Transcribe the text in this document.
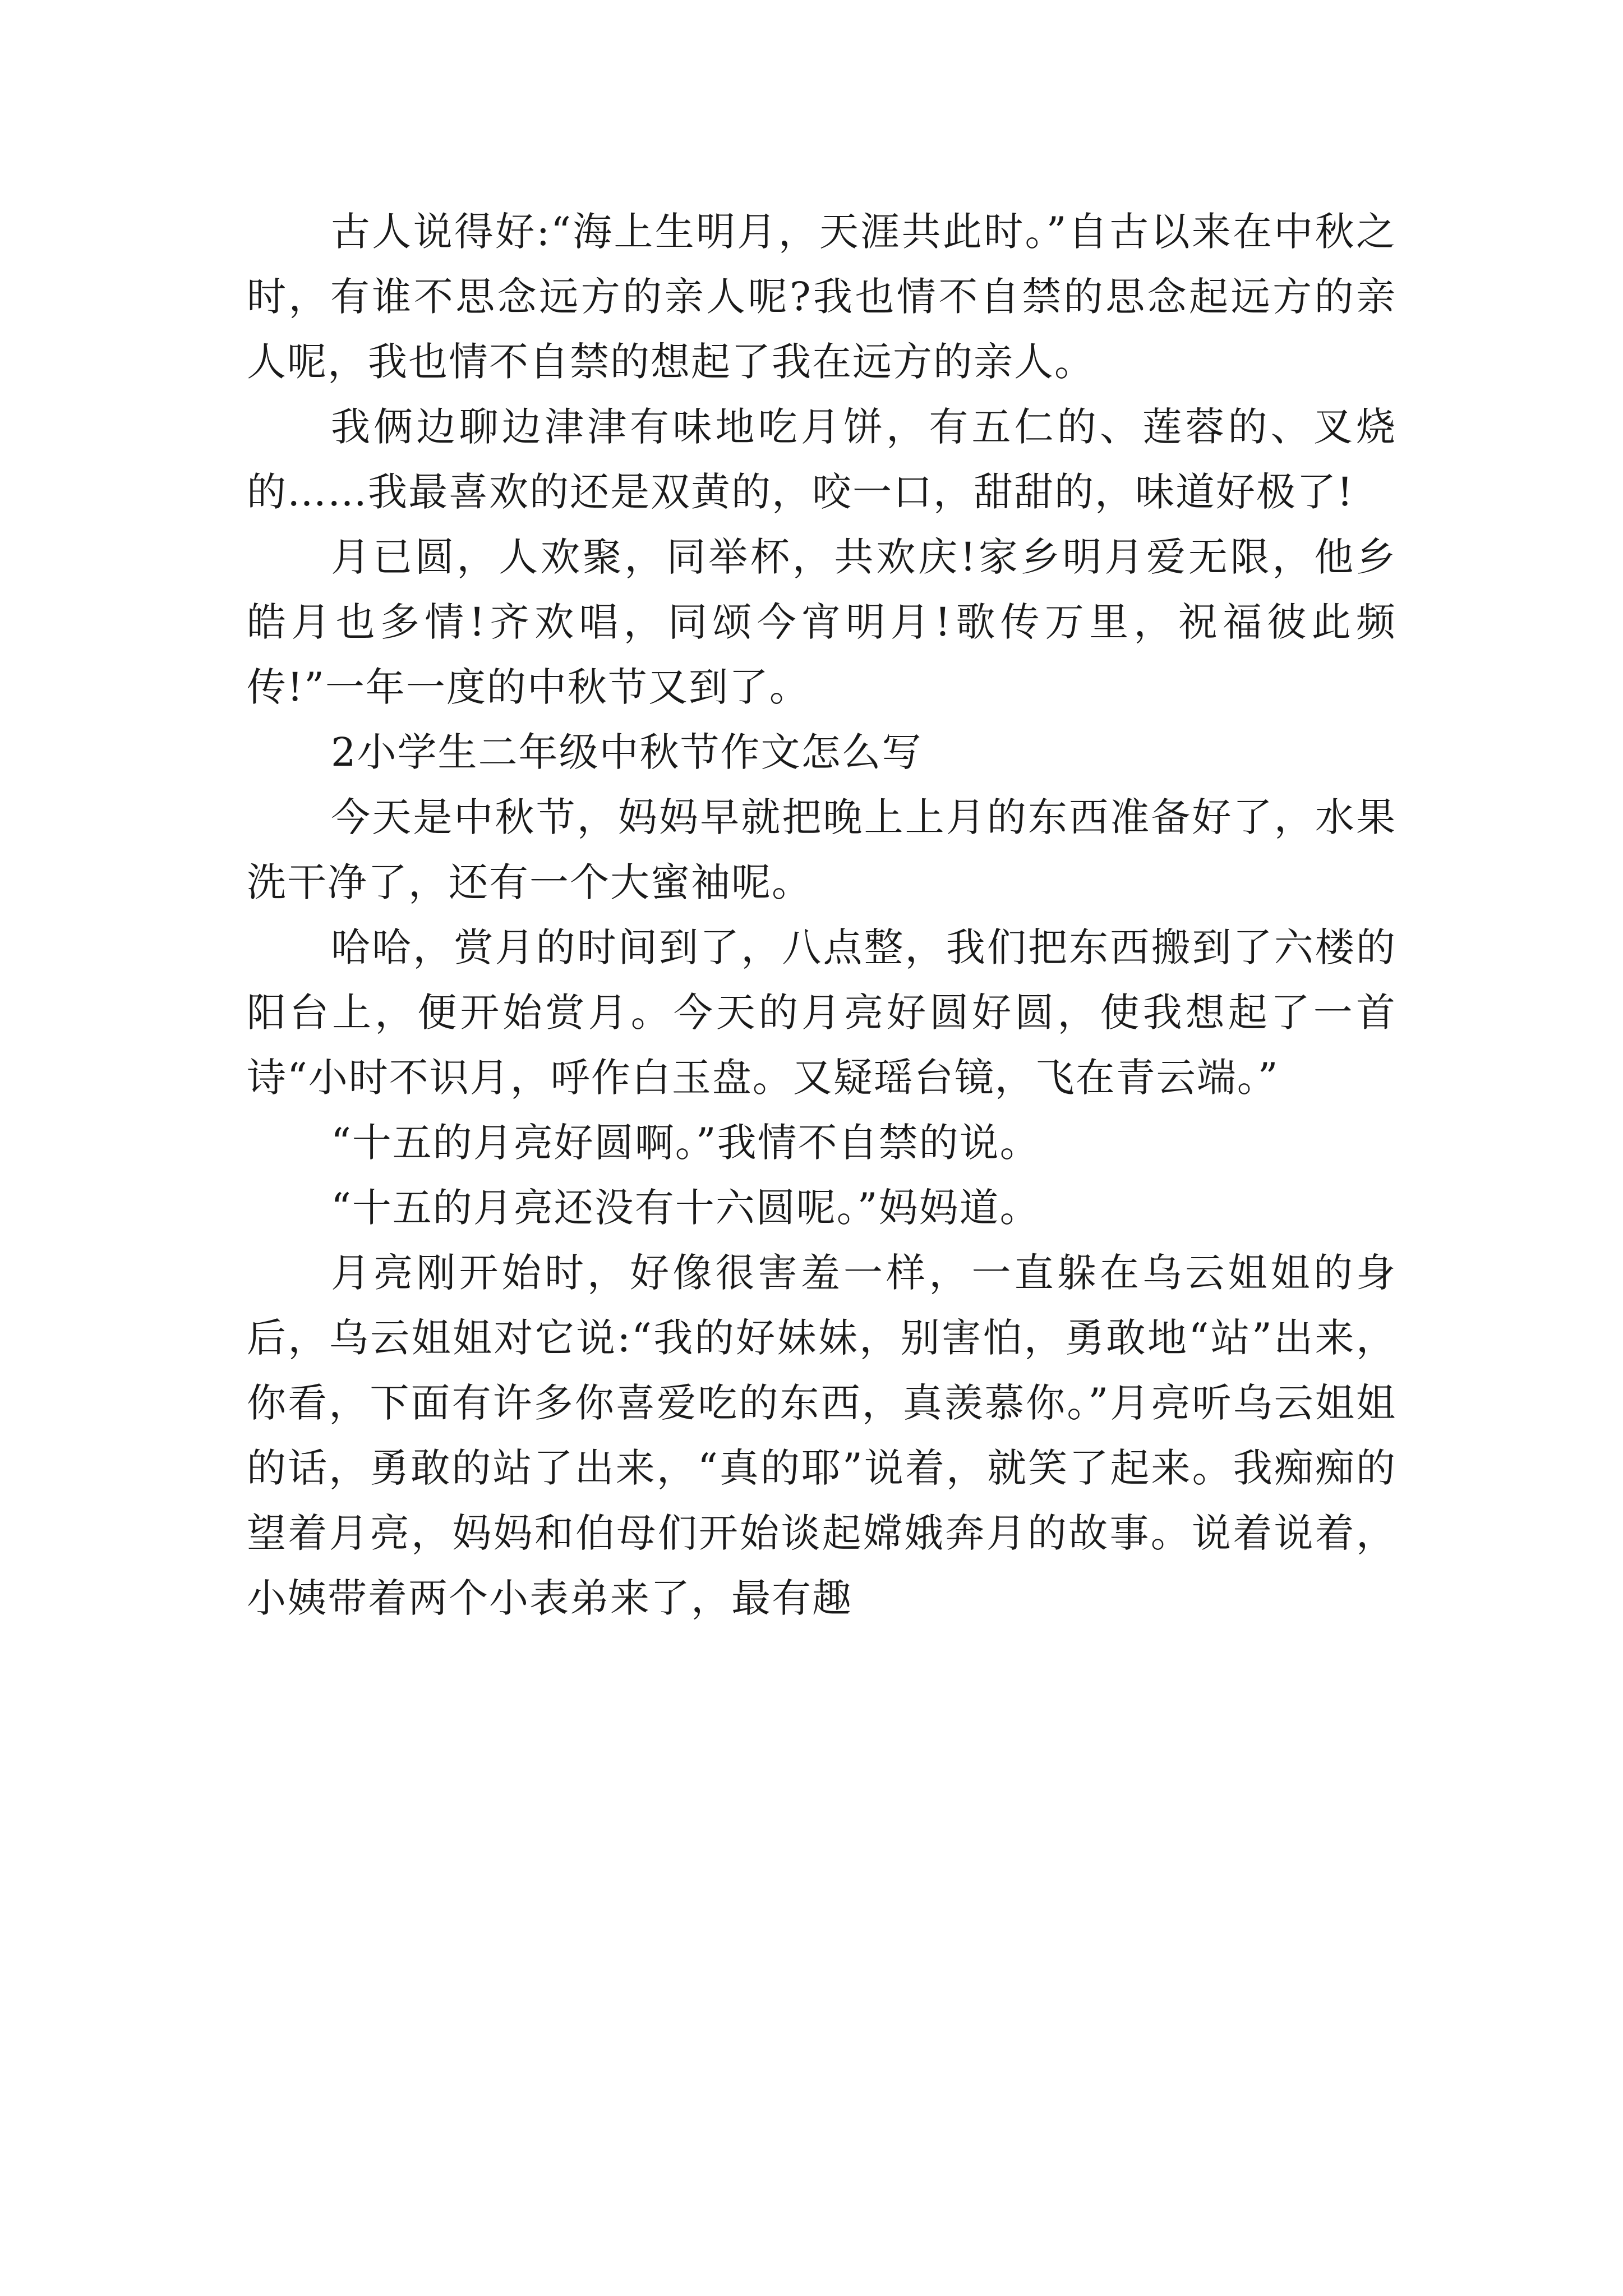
古人说得好:“海上生明月，天涯共此时。”自古以来在中秋之时，有谁不思念远方的亲人呢?我也情不自禁的思念起远方的亲人呢，我也情不自禁的想起了我在远方的亲人。

我俩边聊边津津有味地吃月饼，有五仁的、莲蓉的、叉烧的……我最喜欢的还是双黄的，咬一口，甜甜的，味道好极了!

月已圆，人欢聚，同举杯，共欢庆!家乡明月爱无限，他乡皓月也多情!齐欢唱，同颂今宵明月!歌传万里，祝福彼此频传!”一年一度的中秋节又到了。

2小学生二年级中秋节作文怎么写

今天是中秋节，妈妈早就把晚上上月的东西准备好了，水果洗干净了，还有一个大蜜袖呢。

哈哈，赏月的时间到了，八点整，我们把东西搬到了六楼的阳台上，便开始赏月。今天的月亮好圆好圆，使我想起了一首诗“小时不识月，呼作白玉盘。又疑瑶台镜，飞在青云端。”

“十五的月亮好圆啊。”我情不自禁的说。

“十五的月亮还没有十六圆呢。”妈妈道。

月亮刚开始时，好像很害羞一样，一直躲在乌云姐姐的身后，乌云姐姐对它说:“我的好妹妹，别害怕，勇敢地“站”出来，你看，下面有许多你喜爱吃的东西，真羡慕你。”月亮听乌云姐姐的话，勇敢的站了出来，“真的耶”说着，就笑了起来。我痴痴的望着月亮，妈妈和伯母们开始谈起嫦娥奔月的故事。说着说着，小姨带着两个小表弟来了，最有趣
